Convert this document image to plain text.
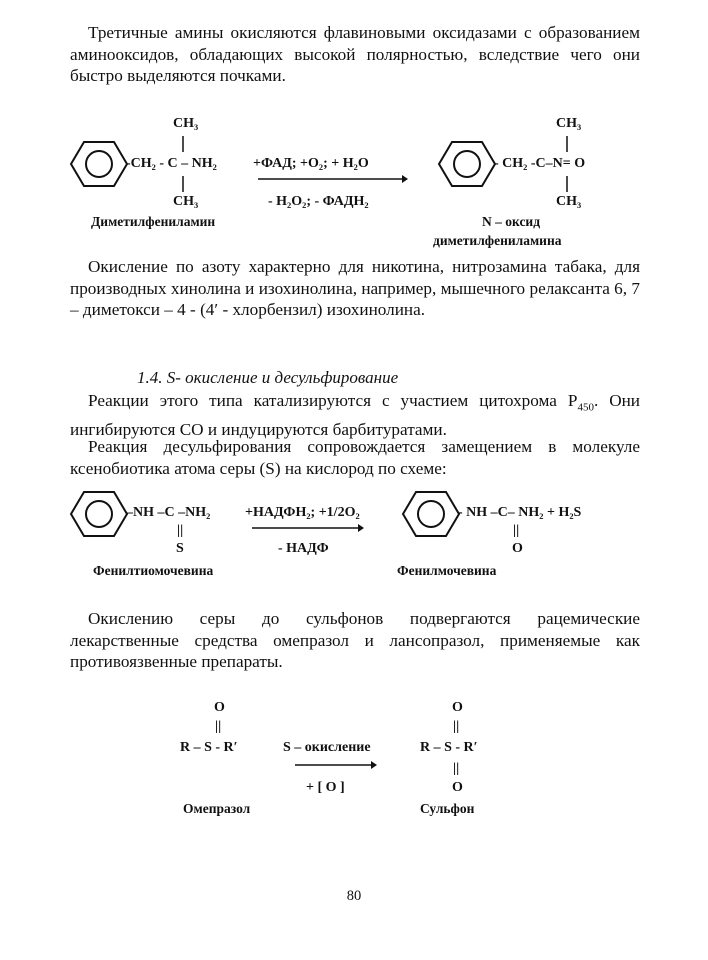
Третичные амины окисляются флавиновыми оксидазами с образованием аминооксидов, обладающих высокой полярностью, вследствие чего они быстро выделяются почками.
CH₃
-CH₂ - C – NH₂
CH₃
+ФАД; +O₂; + H₂O
- H₂O₂; - ФАДН₂
CH₃
- CH₂ -C–N= O
CH₃
Диметилфениламин	N – оксид
диметилфениламина
Окисление по азоту характерно для никотина, нитрозамина табака, для производных хинолина и изохинолина, например, мышечного релаксанта 6, 7 – диметокси – 4 - (4′ - хлорбензил) изохинолина.
1.4. S- окисление и десульфирование
Реакции этого типа катализируются с участием цитохрома $P_{450}$. Они ингибируются CO и индуцируются барбитуратами.
Реакция десульфирования сопровождается замещением в молекуле ксенобиотика атома серы (S) на кислород по схеме:
–NH –C –NH₂
||
S
+НАДФН₂; +1/2O₂
- НАДФ
- NH –C– NH₂ + H₂S
||
O
Фенилтиомочевина	Фенилмочевина
Окислению серы до сульфонов подвергаются рацемические лекарственные средства омепразол и лансопразол, применяемые как противоязвенные препараты.
O
||
R – S - R′	S – окисление
+ [ O ]
O
||
R – S - R′
||
O
Омепразол	Сульфон
80
